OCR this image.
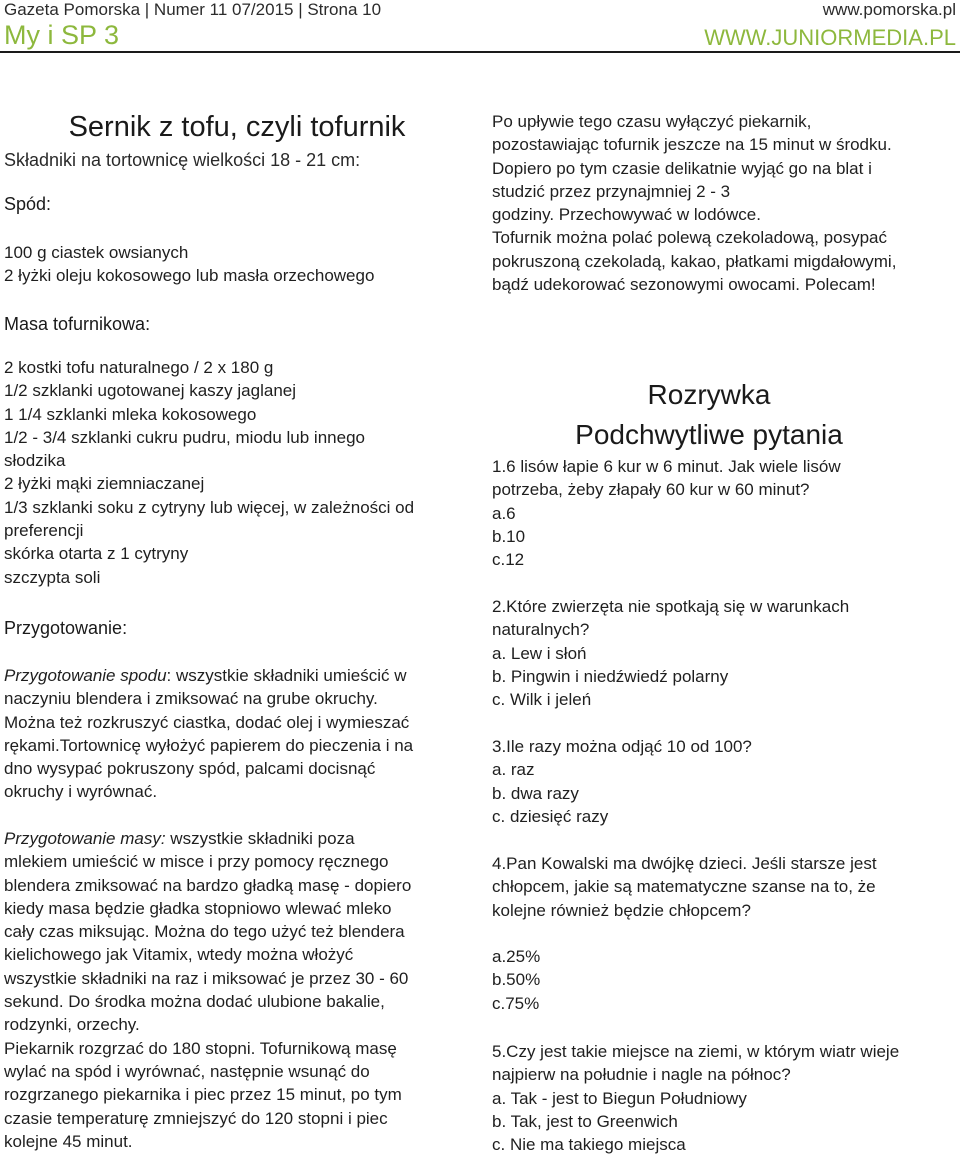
Gazeta Pomorska | Numer 11 07/2015 | Strona 10	www.pomorska.pl
My i SP 3	WWW.JUNIORMEDIA.PL
Sernik z tofu, czyli tofurnik
Składniki na tortownicę wielkości 18 - 21 cm:
Spód:
100 g ciastek owsianych
2 łyżki oleju kokosowego lub masła orzechowego
Masa tofurnikowa:
2 kostki tofu naturalnego / 2 x 180 g
1/2 szklanki ugotowanej kaszy jaglanej
1 1/4 szklanki mleka kokosowego
1/2 - 3/4 szklanki cukru pudru, miodu lub innego
słodzika
2 łyżki mąki ziemniaczanej
1/3 szklanki soku z cytryny lub więcej, w zależności od
preferencji
skórka otarta z 1 cytryny
szczypta soli
Przygotowanie:
Przygotowanie spodu: wszystkie składniki umieścić w
naczyniu blendera i zmiksować na grube okruchy.
Można też rozkruszyć ciastka, dodać olej i wymieszać
rękami.Tortownicę wyłożyć papierem do pieczenia i na
dno wysypać pokruszony spód, palcami docisnąć
okruchy i wyrównać.
Przygotowanie masy: wszystkie składniki poza
mlekiem umieścić w misce i przy pomocy ręcznego
blendera zmiksować na bardzo gładką masę - dopiero
kiedy masa będzie gładka stopniowo wlewać mleko
cały czas miksując. Można do tego użyć też blendera
kielichowego jak Vitamix, wtedy można włożyć
wszystkie składniki na raz i miksować je przez 30 - 60
sekund. Do środka można dodać ulubione bakalie,
rodzynki, orzechy.
Piekarnik rozgrzać do 180 stopni. Tofurnikową masę
wylać na spód i wyrównać, następnie wsunąć do
rozgrzanego piekarnika i piec przez 15 minut, po tym
czasie temperaturę zmniejszyć do 120 stopni i piec
kolejne 45 minut.
Po upływie tego czasu wyłączyć piekarnik,
pozostawiając tofurnik jeszcze na 15 minut w środku.
Dopiero po tym czasie delikatnie wyjąć go na blat i
studzić przez przynajmniej 2 - 3
godziny. Przechowywać w lodówce.
Tofurnik można polać polewą czekoladową, posypać
pokruszoną czekoladą, kakao, płatkami migdałowymi,
bądź udekorować sezonowymi owocami. Polecam!
Rozrywka
Podchwytliwe pytania
1.6 lisów łapie 6 kur w 6 minut. Jak wiele lisów
potrzeba, żeby złapały 60 kur w 60 minut?
a.6
b.10
c.12
2.Które zwierzęta nie spotkają się w warunkach
naturalnych?
a. Lew i słoń
b. Pingwin i niedźwiedź polarny
c. Wilk i jeleń
3.Ile razy można odjąć 10 od 100?
a. raz
b. dwa razy
c. dziesięć razy
4.Pan Kowalski ma dwójkę dzieci. Jeśli starsze jest
chłopcem, jakie są matematyczne szanse na to, że
kolejne również będzie chłopcem?
a.25%
b.50%
c.75%
5.Czy jest takie miejsce na ziemi, w którym wiatr wieje
najpierw na południe i nagle na północ?
a. Tak - jest to Biegun Południowy
b. Tak, jest to Greenwich
c. Nie ma takiego miejsca
